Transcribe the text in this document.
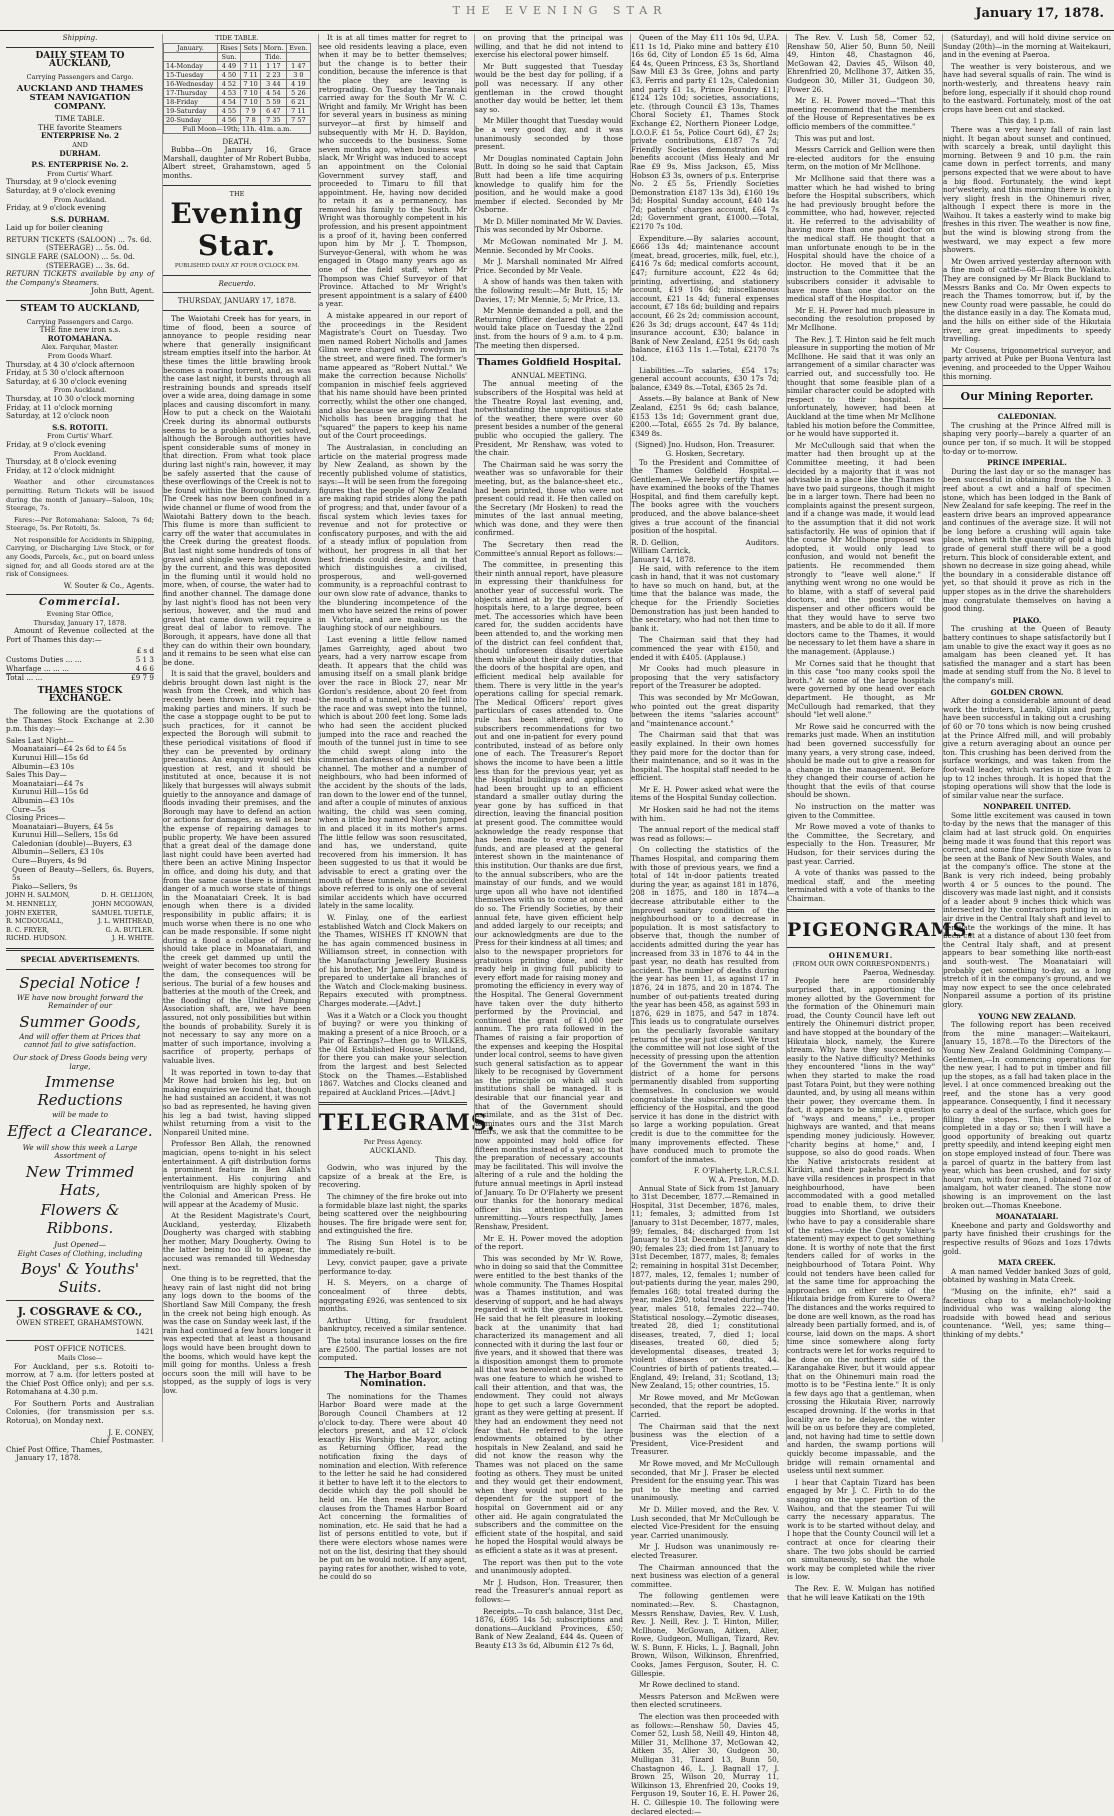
THE EVENING STAR	January 17, 1878.
Shipping.
DAILY STEAM TO AUCKLAND,
Carrying Passengers and Cargo.
AUCKLAND AND THAMES STEAM NAVIGATION COMPANY.
TIME TABLE.
THE favorite Steamers
ENTERPRISE No. 2
AND
DURHAM.
P.S. ENTERPRISE No. 2.
From Curtis' Wharf.
Thursday, at 9 o'clock evening
Saturday, at 9 o'clock evening
From Auckland.
Friday, at 9 o'clock evening
S.S. DURHAM.
Laid up for boiler cleaning
RETURN TICKETS (SALOON) ... 7s. 6d.
(STEERAGE) ... 5s. 0d.
SINGLE FARE (SALOON) ... 5s. 0d.
(STEERAGE) ... 3s. 6d.
RETURN TICKETS available by any of the Company's Steamers.
John Butt, Agent.
STEAM TO AUCKLAND,
Carrying Passengers and Cargo.
THE fine new iron s.s.
ROTOMAHANA.
Alex. Farquhar, Master.
From Goods Wharf.
Thursday, at 4 30 o'clock afternoon
Friday, at 5 30 o'clock afternoon
Saturday, at 6 30 o'clock evening
From Auckland.
Thursday, at 10 30 o'clock morning
Friday, at 11 o'clock morning
Saturday, at 12 o'clock noon
S.S. ROTOITI.
From Curtis' Wharf.
Friday, at 9 o'clock evening
From Auckland.
Thursday, at 8 o'clock evening
Friday, at 12 o'clock midnight

Weather and other circumstances permitting. Return Tickets will be issued during the month of January—Saloon, 10s; Steerage, 7s.

Fares:—Per Rotomahana: Saloon, 7s 6d; Steerage, 5s. Per Rotoiti, 5s.

Not responsible for Accidents in Shipping, Carrying, or Discharging Live Stock, or for any Goods, Parcels, &c., put on board unless signed for, and all Goods stored are at the risk of Consignees.

W. Souter & Co., Agents.
Commercial.
Evening Star Office,
Thursday, January 17, 1878.

Amount of Revenue collected at the Port of Thames this day:—

£ s d
Customs Duties ... ...	5 1 3
Wharfage ... ... ...	4 6 6
Total ... ...	£9 7 9
THAMES STOCK EXCHANGE.

The following are the quotations of the Thames Stock Exchange at 2.30 p.m. this day:—

Sales Last Night—
Moanataiari—£4 2s 6d to £4 5s
Kurunui Hill—15s 6d
Albumin—£3 10s
Sales This Day—
Moanataiari—£4 7s
Kurunui Hill—15s 6d
Albumin—£3 10s
Cure—5s
Closing Prices—
Moanataiari—Buyers, £4 5s
Kurunui Hill—Sellers, 15s 6d
Caledonian (double)—Buyers, £3
Albumin—Sellers, £3 10s
Cure—Buyers, 4s 9d
Queen of Beauty—Sellers, 6s. Buyers, 5s
Piako—Sellers, 9s
JOHN H. SALMON,	D. H. GELLION,
M. HENNELLY,	JOHN MCGOWAN,
JOHN EXETER,	SAMUEL TUETLE,
R. MCDOUGALL,	J. L. WHITHEAD,
B. C. FRYER,	G. A. BUTLER.
RICHD. HUDSON.	J. H. WHITE.
SPECIAL ADVERTISEMENTS.
Special Notice !
WE have now brought forward the Remainder of our
Summer Goods,
And will offer them at Prices that cannot fail to give satisfaction.
Our stock of Dress Goods being very large,
Immense Reductions
will be made to
Effect a Clearance.
We will show this week a Large Assortment of
New Trimmed Hats,
Flowers & Ribbons.
Just Opened—
Eight Cases of Clothing, including
Boys' & Youths' Suits.
J. COSGRAVE & CO.,
OWEN STREET, GRAHAMSTOWN.
1421
POST OFFICE NOTICES.
Mails Close—

For Auckland, per s.s. Rotoiti to-morrow, at 7 a.m. (for letters posted at the Chief Post Office only); and per s.s. Rotomahana at 4.30 p.m.

For Southern Ports and Australian Colonies, (for transmission per s.s. Rotorua), on Monday next.

J. E. CONEY,
Chief Postmaster.
Chief Post Office, Thames,
January 17, 1878.
TIDE TABLE.
January.	Rises	Sets	Morn.	Even.
	Sun.		Tide.	
14-Monday	4 49	7 11	1 17	1 47
15-Tuesday	4 50	7 11	2 23	3 0
16-Wednesday	4 52	7 10	3 44	4 19
17-Thursday	4 53	7 10	4 54	5 26
18-Friday	4 54	7 10	5 59	6 21
19-Saturday	4 55	7 9	6 47	7 11
20-Sunday	4 56	7 8	7 35	7 57
Full Moon—19th; 11h. 41m. a.m.				
DEATH.

Bubba—On January 16, Grace Marshall, daughter of Mr Robert Bubba, Albert street, Grahamstown, aged 5 months.

THE
Evening Star.
PUBLISHED DAILY AT FOUR O'CLOCK P.M.
Recuerdo.
THURSDAY, JANUARY 17, 1878.

The Waiotahi Creek has for years, in time of flood, been a source of annoyance to people residing near where that generally insignificant stream empties itself into the harbor. At these times the little brawling brook becomes a roaring torrent, and, as was the case last night, it bursts through all restraining bounds and spreads itself over a wide area, doing damage in some places and causing discomfort in many. How to put a check on the Waiotahi Creek during its abnormal outbursts seems to be a problem not yet solved, although the Borough authorities have spent considerable sums of money in that direction. From what took place during last night's rain, however, it may be safely asserted that the cause of these overflowings of the Creek is not to be found within the Borough boundary. The Creek has now been confined in a wide channel or flume of wood from the Waiotahi Battery down to the beach. This flume is more than sufficient to carry off the water that accumulates in the Creek during the greatest floods. But last night some hundreds of tons of gravel and shingle were brought down by the current, and this was deposited in the fluming until it would hold no more, when, of course, the water had to find another channel. The damage done by last night's flood has not been very serious, however, and the mud and gravel that came down will require a great deal of labor to remove. The Borough, it appears, have done all that they can do within their own boundary, and it remains to be seen what else can be done.

It is said that the gravel, boulders and debris brought down last night is the wash from the Creek, and which has recently been thrown into it by road-making parties and miners. If such be the case a stoppage ought to be put to such practices, for it cannot be expected the Borough will submit to these periodical visitations of flood if they can be prevented by ordinary precautions. An enquiry would set this question at rest, and it should be instituted at once, because it is not likely that burgesses will always submit quietly to the annoyance and damage of floods invading their premises, and the Borough may have to defend an action or actions for damages, as well as bear the expense of repairing damages to public property. We have been assured that a great deal of the damage done last night could have been averted had there been an active Mining Inspector in office, and doing his duty, and that from the same cause there is imminent danger of a much worse state of things in the Moanataiari Creek. It is bad enough when there is a divided responsibility in public affairs; it is much worse when there is no one who can be made responsible. If some night during a flood a collapse of fluming should take place in Moanataiari, and the creek get dammed up until the weight of water becomes too strong for the dam, the consequences will be serious. The burial of a few houses and batteries at the mouth of the Creek, and the flooding of the United Pumping Association shaft, are, we have been assured, not only possibilities but within the bounds of probability. Surely it is not necessary to say any more on a matter of such importance, involving a sacrifice of property, perhaps of valuable lives.

It was reported in town to-day that Mr Rowe had broken his leg, but on making enquiries we found that, though he had sustained an accident, it was not so bad as represented, he having given his leg a bad twist, having slipped whilst returning from a visit to the Nonpareil United mine.

Professor Ben Allah, the renowned magician, opens to-night in his select entertainment. A gift distribution forms a prominent feature in Ben Allah's entertainment. His conjuring and ventriloquism are highly spoken of by the Colonial and American Press. He will appear at the Academy of Music.

At the Resident Magistrate's Court, Auckland, yesterday, Elizabeth Dougherty was charged with stabbing her mother, Mary Dougherty. Owing to the latter being too ill to appear, the accused was remanded till Wednesday next.

One thing is to be regretted, that the heavy rain of last night did not bring any logs down to the booms of the Shortland Saw Mill Company, the fresh in the creek not being high enough. As was the case on Sunday week last, if the rain had continued a few hours longer it was expected that at least a thousand logs would have been brought down to the booms, which would have kept the mill going for months. Unless a fresh occurs soon the mill will have to be stopped, as the supply of logs is very low.

It is at all times matter for regret to see old residents leaving a place, even when it may be to better themselves; but the change is to better their condition, because the inference is that the place they are leaving is retrograding. On Tuesday the Taranaki carried away for the South Mr W. C. Wright and family. Mr Wright has been for several years in business as mining surveyor—at first by himself and subsequently with Mr H. D. Bayldon, who succeeds to the business. Some seven months ago, when business was slack, Mr Wright was induced to accept an appointment on the Colonial Government survey staff, and proceeded to Timaru to fill that appointment. He, having now decided to retain it as a permanency, has removed his family to the South. Mr Wright was thoroughly competent in his profession, and his present appointment is a proof of it, having been conferred upon him by Mr J. T. Thompson, Surveyor-General, with whom he was engaged in Otago many years ago as one of the field staff, when Mr Thompson was Chief Surveyor of that Province. Attached to Mr Wright's present appointment is a salary of £400 a year.

A mistake appeared in our report of the proceedings in the Resident Magistrate's Court on Tuesday. Two men named Robert Nicholls and James Glinn were charged with rowdyism in the street, and were fined. The former's name appeared as "Robert Nuttal." We make the correction because Nicholls' companion in mischief feels aggrieved that his name should have been printed correctly, whilst the other one changed, and also because we are informed that Nicholls has been bragging that he "squared" the papers to keep his name out of the Court proceedings.

The Australasian, in concluding an article on the material progress made by New Zealand, as shown by the recently published volume of statistics, says:—It will be seen from the foregoing figures that the people of New Zealand are making rapid strides along the path of progress; and that, under favour of a fiscal system which levies taxes for revenue and not for protective or confiscatory purposes, and with the aid of a steady influx of population from without, her progress in all that her best friends could desire, and in that which distinguishes a civilised, prosperous, and well-governed community, is a reproachful contrast to our own slow rate of advance, thanks to the blundering incompetence of the men who have seized the reins of power in Victoria, and are making us the laughing stock of our neighbours.

Last evening a little fellow named James Garreighty, aged about two years, had a very narrow escape from death. It appears that the child was amusing itself on a small plank bridge over the race in Block 27, near Mr Gordon's residence, about 20 feet from the mouth of a tunnel, when he fell into the race and was swept into the tunnel, which is about 200 feet long. Some lads who had seen the accident plucked jumped into the race and reached the mouth of the tunnel just in time to see the child swept along into the cimmerian darkness of the underground channel. The mother and a number of neighbours, who had been informed of the accident by the shouts of the lads, ran down to the lower end of the tunnel, and after a couple of minutes of anxious waiting, the child was seen coming, when a little boy named Norton jumped in and placed it in its mother's arms. The little fellow was soon resuscitated, and has, we understand, quite recovered from his immersion. It has been suggested to us that it would be advisable to erect a grating over the mouth of these tunnels, as the accident above referred to is only one of several similar accidents which have occurred lately in the same locality.

W. Finlay, one of the earliest established Watch and Clock Makers on the Thames, WISHES IT KNOWN that he has again commenced business in Williamson street, in connection with the Manufacturing Jewellery Business of his brother, Mr James Finlay, and is prepared to undertake all branches of the Watch and Clock-making business. Repairs executed with promptness. Charges moderate.—[Advt.]

Was it a Watch or a Clock you thought of buying? or were you thinking of making a present of a nice Brooch, or a Pair of Earrings?—then go to WILKES, the Old Established House, Shortland, for there you can make your selection from the largest and best Selected Stock on the Thames.—Established 1867. Watches and Clocks cleaned and repaired at Auckland Prices.—[Advt.]

TELEGRAMS.
Per Press Agency.
AUCKLAND.
This day.

Godwin, who was injured by the capsize of a break at the Ere, is recovering.

The chimney of the fire broke out into a formidable blaze last night, the sparks being scattered over the neighbouring houses. The fire brigade were sent for, and extinguished the fire.

The Rising Sun Hotel is to be immediately re-built.

Levy, convict pauper, gave a private performance to-day.

H. S. Meyers, on a charge of concealment of three debts, aggregating £926, was sentenced to six months.

Arthur Utting, for fraudulent bankruptcy, received a similar sentence.

The total insurance losses on the fire are £2500. The partial losses are not computed.

The Harbor Board Nomination.

The nominations for the Thames Harbor Board were made at the Borough Council Chambers at 12 o'clock to-day. There were about 40 electors present, and at 12 o'clock exactly His Worship the Mayor, acting as Returning Officer, read the notification fixing the days of nomination and election. With reference to the letter he said he had considered it better to have left it to the electors to decide which day the poll should be held on. He then read a number of clauses from the Thames Harbor Board Act concerning the formalities of nomination, etc. He said that he had a list of persons entitled to vote, but if there were electors whose names were not on the list, desiring that they should be put on he would notice. If any agent, paying rates for another, wished to vote, he could do so

on proving that the principal was willing, and that he did not intend to exercise his electoral power himself.

Mr Butt suggested that Tuesday would be the best day for polling, if a poll was necessary. If any other gentleman in the crowd thought another day would be better, let them say so.

Mr Miller thought that Tuesday would be a very good day, and it was unanimously seconded by those present.

Mr Douglas nominated Captain John Butt. In doing so he said that Captain Butt had been a life time acquiring knowledge to qualify him for the position, and he would make a good member if elected. Seconded by Mr Osborne.

Mr D. Miller nominated Mr W. Davies. This was seconded by Mr Osborne.

Mr McGowan nominated Mr J. M. Mennie. Seconded by Mr Cooks.

Mr J. Marshall nominated Mr Alfred Price. Seconded by Mr Veale.

A show of hands was then taken with the following result:—Mr Butt, 15; Mr Davies, 17; Mr Mennie, 5; Mr Price, 13.

Mr Mennie demanded a poll, and the Returning Officer declared that a poll would take place on Tuesday the 22nd inst. from the hours of 9 a.m. to 4 p.m. The meeting then dispersed.

Thames Goldfield Hospital.
ANNUAL MEETING.

The annual meeting of the subscribers of the Hospital was held at the Theatre Royal last evening, and, notwithstanding the unpropitious state of the weather, there were over 60 present besides a number of the general public who occupied the gallery. The President, Mr Renshaw, was voted to the chair.

The Chairman said he was sorry the weather was so unfavorable for their meeting, but, as the balance-sheet etc., had been printed, those who were not present could read it. He then called on the Secretary (Mr Hosken) to read the minutes of the last annual meeting, which was done, and they were then confirmed.

The Secretary then read the Committee's annual Report as follows:—

The committee, in presenting this their ninth annual report, have pleasure in expressing their thankfulness for another year of successful work. The objects aimed at by the promoters of hospitals here, to a large degree, been met. The accessories which have been cared for, the sudden accidents have been attended to, and the working men of the district can feel confident that, should unforeseen disaster overtake them while about their daily duties, that the doors of the hospital are open, and efficient medical help available for them. There is very little in the year's operations calling for special remark. The Medical Officers' report gives particulars of cases attended to. One rule has been altered, giving to subscribers recommendations for two out and one in-patient for every pound contributed, instead of as before only one of each. The Treasurer's Report shows the income to have been a little less than for the previous year, yet as the Hospital buildings and appliances had been brought up to an efficient standard a smaller outlay during the year gone by has sufficed in that direction, leaving the financial position at present good. The committee would acknowledge the ready response that has been made to every appeal for funds, and are pleased at the general interest shown in the maintenance of this institution. Our thanks are due first, to the annual subscribers, who are the mainstay of our funds, and we would urge upon all who have not identified themselves with us to come at once and do so. The Friendly Societies, by their annual fete, have given efficient help and added largely to our receipts; and our acknowledgments are due to the Press for their kindness at all times; and also to the newspaper proprietors for gratuitous printing done, and their ready help in giving full publicity to every effort made for raising money and promoting the efficiency in every way of the Hospital. The General Government have taken over the duty hitherto performed by the Provincial, and continued the grant of £1,000 per annum. The pro rata followed in the Thames of raising a fair proportion of the expenses and keeping the Hospital under local control, seems to have given such general satisfaction as to appear likely to be recognised by Government as the principle on which all such institutions shall be managed. It is desirable that our financial year and that of the Government should assimilate, and as the 31st of Dec. terminates ours and the 31st March theirs, we ask that the committee to be now appointed may hold office for fifteen months instead of a year, so that the preparation of necessary accounts may be facilitated. This will involve the altering of a rule and the holding the future annual meetings in April instead of January. To Dr O'Flaherty we present our thanks for the honorary medical officer his attention has been unremitting.—Yours respectfully, James Renshaw, President.

Mr E. H. Power moved the adoption of the report.

This was seconded by Mr W. Rowe, who in doing so said that the Committee were entitled to the best thanks of the whole community. The Thames Hospital was a Thames institution, and was deserving of support, and he had always regarded it with the greatest interest. He said that he felt pleasure in looking back at the unanimity that had characterized its management and all connected with it during the last four or five years, and it showed that there was a disposition amongst them to promote all that was benevolent and good. There was one feature to which he wished to call their attention, and that was, the endowment. They could not always hope to get such a large Government grant as they were getting at present. If they had an endowment they need not fear that. He referred to the large endowments obtained by other hospitals in New Zealand, and said he did not know the reason why the Thames was not placed on the same footing as others. They must be united and they would get their endowment, when they would not need to be dependent for the support of the hospital on Government aid or any other aid. He again congratulated the subscribers and the committee on the efficient state of the hospital, and said he hoped the Hospital would always be as efficient a state as it was at present.

The report was then put to the vote and unanimously adopted.

Mr J. Hudson, Hon. Treasurer, then read the Treasurer's annual report as follows:—

Receipts.—To cash balance, 31st Dec, 1876, £695 14s 5d; subscriptions and donations—Auckland Provinces, £50; Bank of New Zealand, £44 4s. Queen of Beauty £13 3s 6d, Albumin £12 7s 6d,

Queen of the May £11 10s 9d, U.P.A. £11 1s 1d, Piako mine and battery £10 16s 6d, City of London £5 1s 6d, Alma £4 4s, Queen Princess, £3 3s, Shortland Saw Mill £3 3s Gree, Johns and party £3, Ferris and party £1 12s, Caledonian and party £1 1s, Prince Foundry £11; £124 12s 10d; societies, associations, etc. (through Council £3 13s, Thames Choral Society £1, Thames Stock Exchange £2, Northern Pioneer Lodge, I.O.O.F. £1 5s, Police Court 6d), £7 2s; private contributions, £187 7s 7d; Friendly Societies demonstration and benefits account (Miss Healy and Mr Rae £9 9s, Miss Jackson, £5, Miss Hobson £3 3s, owners of p.s. Enterprise No. 2 £5 5s, Friendly Societies Demonstration £187 13s 3d), £160 19s 3d; Hospital Sunday account, £40 14s 7d; patients' charges account, £64 7s 2d; Government grant, £1000.—Total, £2170 7s 10d.

Expenditure.—By salaries account, £666 13s 4d; maintenance account (meat, bread, groceries, milk, fuel, etc.), £416 7s 6d; medical comforts account, £47; furniture account, £22 4s 6d; printing, advertising, and stationery account, £19 10s 6d; miscellaneous account, £21 1s 4d; funeral expenses account, £7 18s 6d; building and repairs account, £6 2s 2d; commission account, £26 3s 3d; drugs account, £47 4s 11d; insurance account, £30; balance in Bank of New Zealand, £251 9s 6d; cash balance, £163 11s 1.—Total, £2170 7s 10d.

Liabilities.—To salaries, £54 17s; general account accounts, £30 17s 7d; balance, £349 8s.—Total, £365 2s 7d.

Assets.—By balance at Bank of New Zealand, £251 9s 6d; cash balance, £153 13s 1d; Government grant due, £200.—Total, £655 2s 7d. By balance, £349 8s.

(Signed) Jno. Hudson, Hon. Treasurer. G. Hosken, Secretary.

To the President and Committee of the Thames Goldfield Hospital.—Gentlemen,—We hereby certify that we have examined the books of the Thames Hospital, and find them carefully kept. The books agree with the vouchers produced, and the above balance-sheet gives a true account of the financial position of the hospital.

R. D. Gellion,	Auditors.
William Carrick,
January 14, 1878.

He said, with reference to the item cash in hand, that it was not customary to have so much on hand, but, at the time that the balance was made, the cheque for the Friendly Societies Demonstration has just been handed to the secretary, who had not then time to bank it.

The Chairman said that they had commenced the year with £150, and ended it with £405. (Applause.)

Mr Cooks had much pleasure in proposing that the very satisfactory report of the Treasurer be adopted.

This was seconded by Mr McGowan, who pointed out the great disparity between the items "salaries account" and "maintenance account."

The Chairman said that that was easily explained. In their own homes they paid more for the doctor than for their maintenance, and so it was in the hospital. The hospital staff needed to be efficient.

Mr E. H. Power asked what were the items of the Hospital Sunday collection.

Mr Hosken said he had not the items with him.

The annual report of the medical staff was read as follows:—

On collecting the statistics of the Thames Hospital, and comparing them with those of previous years, we find a total of 14t in-door patients treated during the year, as against 181 in 1876, 208 in 1875, and 180 in 1874—a decrease attributable either to the improved sanitary condition of the neighbourhood or to a decrease in population. It is most satisfactory to observe that, though the number of accidents admitted during the year has increased from 33 in 1876 to 44 in the past year, no death has resulted from accident. The number of deaths during the year has been 11, as against 17 in 1876, 24 in 1875, and 20 in 1874. The number of out-patients treated during the year has been 458, as against 593 in 1876, 629 in 1875, and 547 in 1874. This leads us to congratulate ourselves on the peculiarly favorable sanitary returns of the year just closed. We trust the committee will not lose sight of the necessity of pressing upon the attention of the Government the want in this district of a home for persons permanently disabled from supporting themselves. In conclusion we would congratulate the subscribers upon the efficiency of the Hospital, and the good service it has done in the district with so large a working population. Great credit is due to the committee for the many improvements effected. These have conduced much to promote the comfort of the inmates.

F. O'Flaherty, L.R.C.S.I.
W. A. Preston, M.D.

Annual State of Sick from 1st January to 31st December, 1877.—Remained in Hospital, 31st December, 1876, males, 11; females, 3; admitted from 1st January to 31st December, 1877, males, 99; females, 84; discharged from 1st January to 31st December, 1877, males 90; females 23; died from 1st January to 31st December, 1877, males, 8; females 2; remaining in hospital 31st December, 1877, males, 12, females 1; number of out-patients during the year, males 290, females 168; total treated during the year, males 290, total treated during the year, males 518, females 222—740. Statistical nosology.—Zymotic diseases, treated 28, died 1; constitutional diseases, treated, 7, died 1; local diseases, treated 60, died 5; developmental diseases, treated 3; violent diseases or deaths, 44. Countries of birth of patients treated.—England, 49; Ireland, 31; Scotland, 13; New Zealand, 15; other countries, 15.

Mr Rowe moved, and Mr McGowan seconded, that the report be adopted. Carried.

The Chairman said that the next business was the election of a President, Vice-President and Treasurer.

Mr Rowe moved, and Mr McCullough seconded, that Mr J. Fraser be elected President for the ensuing year. This was put to the meeting and carried unanimously.

Mr D. Miller moved, and the Rev. V. Lush seconded, that Mr McCullough be elected Vice-President for the ensuing year. Carried unanimously.

Mr J. Hudson was unanimously re-elected Treasurer.

The Chairman announced that the next business was election of a general committee.

The following gentlemen were nominated:—Rev. S. Chastagnon, Messrs Renshaw, Davies, Rev. V. Lush, Rev. J. Neill, Rev. J. T. Hinton, Miller, McIlhone, McGowan, Aitken, Alier, Rowe, Gudgeon, Mulligan, Tizard, Rev. W. S. Bunn, F. Hicks, L. J. Bagnall, John Brown, Wilson, Wilkinson, Ehrenfried, Cooks, James Ferguson, Souter, H. C. Gillespie.

Mr Rowe declined to stand.

Messrs Paterson and McEwen were then elected scrutineers.

The election was then proceeded with as follows:—Renshaw 50, Davies 45, Comer 52, Lush 58, Neill 49, Hinton 48, Miller 31, McIlhone 37, McGowan 42, Aitken 35, Alier 30, Gudgeon 30, Mulligan 31, Tizard 13, Bunn 50, Chastagnon 46, L. J. Bagnall 17, J. Brown 25, Wilson 20, Murray 11, Wilkinson 13, Ehrenfried 20, Cooks 19, Ferguson 19, Souter 16, E. H. Power 26, H. C. Gillespie 10. The following were declared elected:—

The Rev. V. Lush 58, Comer 52, Renshaw 50, Alier 50, Bunn 50, Neill 49, Hinton 48, Chastagnon 46, McGowan 42, Davies 45, Wilson 40, Ehrenfried 20, McIlhone 37, Aitken 35, Gudgeon 30, Miller 31, Gudgeon 30, Power 26.

Mr E. H. Power moved—"That this meeting recommend that the members of the House of Representatives be ex officio members of the committee."

This was put and lost.

Messrs Carrick and Gellion were then re-elected auditors for the ensuing term, on the motion of Mr McIlhone.

Mr McIlhone said that there was a matter which he had wished to bring before the Hospital subscribers, which he had previously brought before the committee, who had, however, rejected it. He referred to the advisability of having more than one paid doctor on the medical staff. He thought that a man unfortunate enough to be in the Hospital should have the choice of a doctor. He moved that it be an instruction to the Committee that the subscribers consider it advisable to have more than one doctor on the medical staff of the Hospital.

Mr E. H. Power had much pleasure in seconding the resolution proposed by Mr McIlhone.

The Rev. J. T. Hinton said he felt much pleasure in supporting the motion of Mr McIlhone. He said that it was only an arrangement of a similar character was carried out, and successfully too. He thought that some feasible plan of a similar character could be adopted with respect to their hospital. He unfortunately, however, had been at Auckland at the time when Mr McIlhone tabled his motion before the Committee, or he would have supported it.

Mr McCullough said that when the matter had then brought up at the Committee meeting, it had been decided by a majority that it was not advisable in a place like the Thames to have two paid surgeons, though it might be in a larger town. There had been no complaints against the present surgeon, and if a change was made, it would lead to the assumption that it did not work satisfactorily. He was of opinion that if the course Mr McIlhone proposed was adopted, it would only lead to confusion, and would not benefit the patients. He recommended them strongly to "leave well alone." If anything went wrong no one would be to blame, with a staff of several paid doctors, and the position of the dispenser and other officers would be that they would have to serve two masters, and be able to do it all. If more doctors came to the Thames, it would be necessary to let them have a share in the management. (Applause.)

Mr Cornes said that he thought that in this case "too many cooks spoil the broth." At some of the large hospitals were governed by one head over each department. He thought, as Mr McCullough had remarked, that they should "let well alone."

Mr Rowe said he concurred with the remarks just made. When an institution had been governed successfully for many years, a very strong case, indeed, should be made out to give a reason for a change in the management. Before they changed their course of action he thought that the evils of that course should be shown.

No instruction on the matter was given to the Committee.

Mr Rowe moved a vote of thanks to the Committee, the Secretary, and especially to the Hon. Treasurer, Mr Hudson, for their services during the past year. Carried.

A vote of thanks was passed to the medical staff, and the meeting terminated with a vote of thanks to the Chairman.

PIGEONGRAMS.
OHINEMURI.
(FROM OUR OWN CORRESPONDENTS.)
Paeroa, Wednesday.

People here are considerably surprised that, in apportioning the money allotted by the Government for the formation of the Ohinemuri main road, the County Council have left out entirely the Ohinemuri district proper, and have stopped at the boundary of the Hikutaia block, namely, the Kurere stream. Why have they succeeded so easily to the Native difficulty? Methinks they encountered "lions in the way" when they started to make the road past Totara Point, but they were nothing daunted, and, by using all means within their power, they overcame them. In fact, it appears to be simply a question of "ways and means," i.e., proper highways are wanted, and that means spending money judiciously. However, "charity begins at home," and, I suppose, so also do good roads. When the Native aristocrats resident at Kirikiri, and their pakeha friends who have villa residences in prospect in that neighbourhood, have been accommodated with a good metalled road to enable them, to drive their buggies into Shortland, we outsiders (who have to pay a considerable share of the rates—vide the County Valuer's statement) may expect to get something done. It is worthy of note that the first tenders called for of works in the neighbourhood of Totara Point. Why could not tenders have been called for at the same time for approaching the approaches on either side of the Hikutaia bridge from Kurere to Owera? The distances and the works required to be done are well known, as the road has already been partially formed, and is, of course, laid down on the maps. A short time since somewhere along forty contracts were let for works required to be done on the northern side of the Karangahake River, but it would appear that on the Ohinemuri main road the motto is to be "Festina lente." It is only a few days ago that a gentleman, when crossing the Hikutaia River, narrowly escaped drowning. If the works in that locality are to be delayed, the winter will be on us before they are completed, and, not having had time to settle down and harden, the swamp portions will quickly become impassable, and the bridge will remain ornamental and useless until next summer.

I hear that Captain Tizard has been engaged by Mr J. C. Firth to do the snagging on the upper portion of the Waihou, and that the steamer Tui will carry the necessary apparatus. The work is to be started without delay, and I hope that the County Council will let a contract at once for clearing their share. The two jobs should be carried on simultaneously, so that the whole work may be completed while the river is low.

The Rev. E. W. Mulgan has notified that he will leave Katikati on the 19th

(Saturday), and will hold divine service on Sunday (20th)—in the morning at Waitekauri, and in the evening at Paeroa.

The weather is very boisterous, and we have had several squalls of rain. The wind is north-westerly, and threatens heavy rain before long, especially if it should chop round to the eastward. Fortunately, most of the oat crops have been cut and stacked.

This day, 1 p.m.

There was a very heavy fall of rain last night. It began about sunset and continued, with scarcely a break, until daylight this morning. Between 9 and 10 p.m. the rain came down in perfect torrents, and many persons expected that we were about to have a big flood. Fortunately, the wind kept nor'westerly, and this morning there is only a very slight fresh in the Ohinemuri river, although I expect there is more in the Waihou. It takes a easterly wind to make big freshes in this river. The weather is now fine, but the wind is blowing strong from the westward, we may expect a few more showers.

Mr Owen arrived yesterday afternoon with a fine mob of cattle—68—from the Waikato. They are consigned by Mr Black Buckland to Messrs Banks and Co. Mr Owen expects to reach the Thames tomorrow, but if, by the new County road were passable, he could do the distance easily in a day. The Komata mud, and the hills on either side of the Hikutaia river, are great impediments to speedy travelling.

Mr Cousens, trigonometrical surveyor, and party arrived at Puke per Buona Ventura last evening, and proceeded to the Upper Waihou this morning.

Our Mining Reporter.
CALEDONIAN.

The crushing at the Prince Alfred mill is shaping very poorly—barely a quarter of an ounce per ton, if so much. It will be stopped to-day or to-morrow.

PRINCE IMPERIAL.

During the last day or so the manager has been successful in obtaining from the No. 3 reef about a cwt and a half of specimen stone, which has been lodged in the Bank of New Zealand for safe keeping. The reef in the eastern drive bears an improved appearance and continues of the average size. It will not be long before a crushing will again take place, when with the quantity of gold a high grade of general stuff there will be a good return. This block of considerable extent, and shown no decrease in size going ahead, while the boundary in a considerable distance off yet, so that should it prove as rich in the upper stopes as in the drive the shareholders may congratulate themselves on having a good thing.

PIAKO.

The crushing at the Queen of Beauty battery continues to shape satisfactorily but I am unable to give the exact way it goes as no amalgam has been cleaned yet. It has satisfied the manager and a start has been made at sending stuff from the No. 8 level to the company's mill.

GOLDEN CROWN.

After doing a considerable amount of dead work the tributers, Lamb, Gilpin and party, have been successful in taking out a crushing of 60 or 70 tons which is now being crushed at the Prince Alfred mill, and will probably give a return averaging about an ounce per ton. This crushing has been derived from the surface workings, and was taken from the foot-wall leader, which varies in size from 2 up to 12 inches through. It is hoped that the stoping operations will show that the lode is of similar value near the surface.

NONPAREIL UNITED.

Some little excitement was caused in town to-day by the news that the manager of this claim had at last struck gold. On enquiries being made it was found that this report was correct, and some fine specimen stone was to be seen at the Bank of New South Wales, and at the company's office. The stone at the Bank is very rich indeed, being probably worth 4 or 5 ounces to the pound. The discovery was made last night, and it consists of a leader about 9 inches thick which was intersected by the contractors putting in an air drive in the Central Italy shaft and level to ventilate the workings of the mine. It has been cut at a distance of about 130 feet from the Central Italy shaft, and at present appears to bear something like north-east and south-west. The Moanataiari will probably get something to-day, as a long stretch of it in the company's ground, and we may now expect to see the once celebrated Nonpareil assume a portion of its pristine glory.

YOUNG NEW ZEALAND.

The following report has been received from the mine manager:—Waitekauri, January 15, 1878.—To the Directors of the Young New Zealand Goldmining Company.—Gentlemen,—In commencing operations for the new year, I had to put in timber and fill up the stopes, as a fall had taken place in the level. I at once commenced breaking out the reef, and the stone has a very good appearance. Consequently, I find it necessary to carry a deal of the surface, which goes for filling the stopes. This work will be completed in a day or so; then I will have a good opportunity of breaking out quartz pretty speedily, and intend keeping eight men on stope employed instead of four. There was a parcel of quartz in the battery from last year, which has been crushed, and for sixty hours' run, with four men, I obtained 71oz of amalgam, hot water cleaned. The stone now showing is an improvement on the last broken out.—Thomas Kneebone.

MOANATAIARI.

Kneebone and party and Goldsworthy and party have finished their crushings for the respective results of 96ozs and 1ozs 17dwts gold.

MATA CREEK.

A man named Vedder banked 3ozs of gold, obtained by washing in Mata Creek.

"Musing on the infinite, eh?" said a facetious chap to a melancholy-looking individual who was walking along the roadside with bowed head and serious countenance. "Well, yes; same thing—thinking of my debts."
